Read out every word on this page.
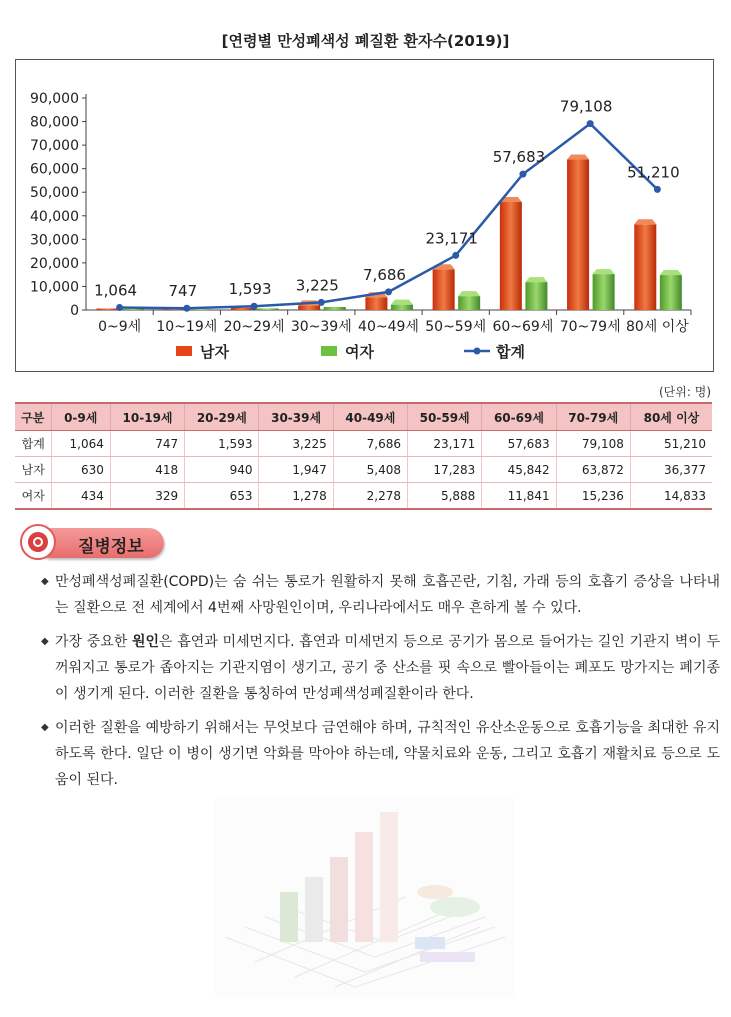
[연령별 만성폐색성 폐질환 환자수(2019)]
0
10,000
20,000
30,000
40,000
50,000
60,000
70,000
80,000
90,000
0~9세 10~19세 20~29세 30~39세 40~49세 50~59세 60~69세 70~79세 80세 이상
1,064 747 1,593 3,225
7,686
23,171
57,683
79,108
51,210
남자	여자	합계
(단위: 명)
구분	0-9세	10-19세	20-29세	30-39세	40-49세	50-59세	60-69세	70-79세	80세 이상
합계	1,064	747	1,593	3,225	7,686	23,171	57,683	79,108	51,210
남자	630	418	940	1,947	5,408	17,283	45,842	63,872	36,377
여자	434	329	653	1,278	2,278	5,888	11,841	15,236	14,833
질병정보
◆ 만성폐색성폐질환(COPD)는 숨 쉬는 통로가 원활하지 못해 호흡곤란, 기침, 가래 등의 호흡기 증상을 나타내는 질환으로 전 세계에서 4번째 사망원인이며, 우리나라에서도 매우 흔하게 볼 수 있다.
◆ 가장 중요한 원인은 흡연과 미세먼지다. 흡연과 미세먼지 등으로 공기가 몸으로 들어가는 길인 기관지 벽이 두꺼워지고 통로가 좁아지는 기관지염이 생기고, 공기 중 산소를 핏 속으로 빨아들이는 폐포도 망가지는 폐기종이 생기게 된다. 이러한 질환을 통칭하여 만성폐색성폐질환이라 한다.
◆ 이러한 질환을 예방하기 위해서는 무엇보다 금연해야 하며, 규칙적인 유산소운동으로 호흡기능을 최대한 유지하도록 한다. 일단 이 병이 생기면 악화를 막아야 하는데, 약물치료와 운동, 그리고 호흡기 재활치료 등으로 도움이 된다.
